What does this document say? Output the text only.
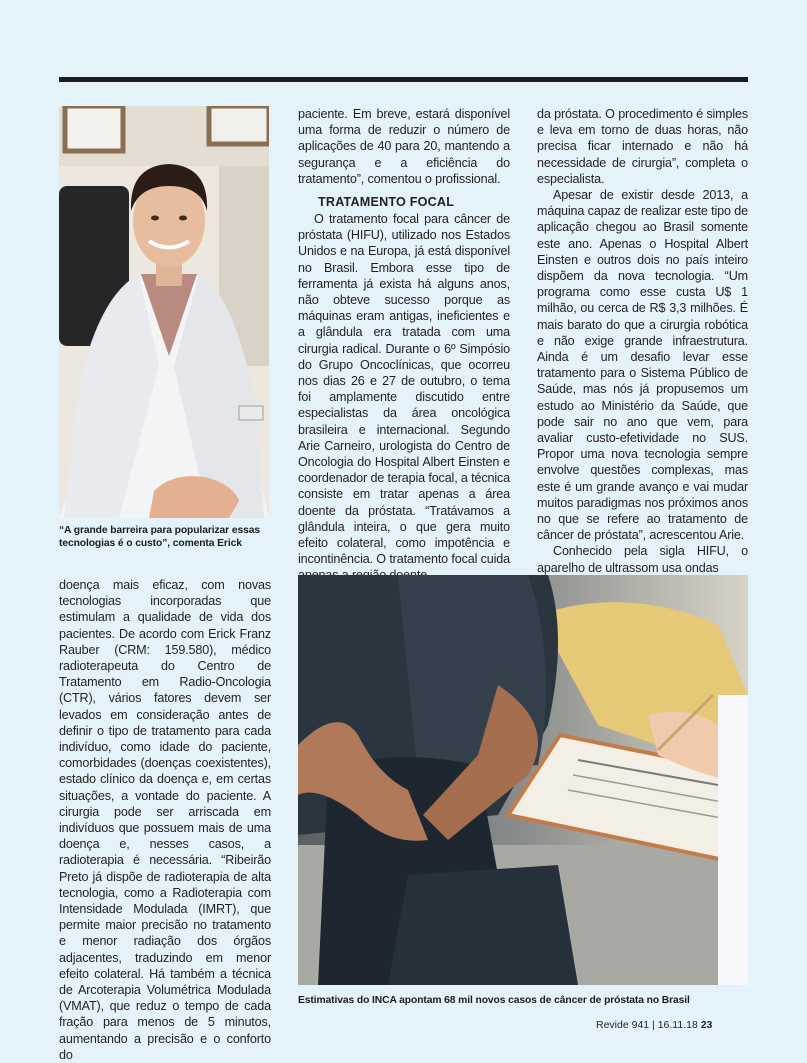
“A grande barreira para popularizar essas tecnologias é o custo”, comenta Erick

paciente. Em breve, estará disponível uma forma de reduzir o número de aplicações de 40 para 20, mantendo a segurança e a eficiência do tratamento”, comentou o profissional.

TRATAMENTO FOCAL

O tratamento focal para câncer de próstata (HIFU), utilizado nos Estados Unidos e na Europa, já está disponível no Brasil. Embora esse tipo de ferramenta já exista há alguns anos, não obteve sucesso porque as máquinas eram antigas, ineficientes e a glândula era tratada com uma cirurgia radical. Durante o 6º Simpósio do Grupo Oncoclínicas, que ocorreu nos dias 26 e 27 de outubro, o tema foi amplamente discutido entre especialistas da área oncológica brasileira e internacional. Segundo Arie Carneiro, urologista do Centro de Oncologia do Hospital Albert Einsten e coordenador de terapia focal, a técnica consiste em tratar apenas a área doente da próstata. “Tratávamos a glândula inteira, o que gera muito efeito colateral, como impotência e incontinência. O tratamento focal cuida

da próstata. O procedimento é simples e leva em torno de duas horas, não precisa ficar internado e não há necessidade de cirurgia”, completa o especialista.

Apesar de existir desde 2013, a máquina capaz de realizar este tipo de aplicação chegou ao Brasil somente este ano. Apenas o Hospital Albert Einsten e outros dois no país inteiro dispõem da nova tecnologia. “Um programa como esse custa U$ 1 milhão, ou cerca de R$ 3,3 milhões. É mais barato do que a cirurgia robótica e não exige grande infraestrutura. Ainda é um desafio levar esse tratamento para o Sistema Público de Saúde, mas nós já propusemos um estudo ao Ministério da Saúde, que pode sair no ano que vem, para avaliar custo-efetividade no SUS. Propor uma nova tecnologia sempre envolve questões complexas, mas este é um grande avanço e vai mudar muitos paradigmas nos próximos anos no que se refere ao tratamento de câncer de próstata”, acrescentou Arie.

Conhecido pela sigla HIFU, o aparelho de ultrassom usa ondas

doença mais eficaz, com novas tecnologias incorporadas que estimulam a qualidade de vida dos pacientes. De acordo com Erick Franz Rauber (CRM: 159.580), médico radioterapeuta do Centro de Tratamento em Radio-Oncologia (CTR), vários fatores devem ser levados em consideração antes de definir o tipo de tratamento para cada indivíduo, como idade do paciente, comorbidades (doenças coexistentes), estado clínico da doença e, em certas situações, a vontade do paciente. A cirurgia pode ser arriscada em indivíduos que possuem mais de uma doença e, nesses casos, a radioterapia é necessária. “Ribeirão Preto já dispõe de radioterapia de alta tecnologia, como a Radioterapia com Intensidade Modulada (IMRT), que permite maior precisão no tratamento e menor radiação dos órgãos adjacentes, traduzindo em menor efeito colateral. Há também a técnica de Arcoterapia Volumétrica Modulada (VMAT), que reduz o tempo de cada fração para menos de 5 minutos, aumentando a precisão e o conforto do

Estimativas do INCA apontam 68 mil novos casos de câncer de próstata no Brasil
Revide 941 | 16.11.18 23
